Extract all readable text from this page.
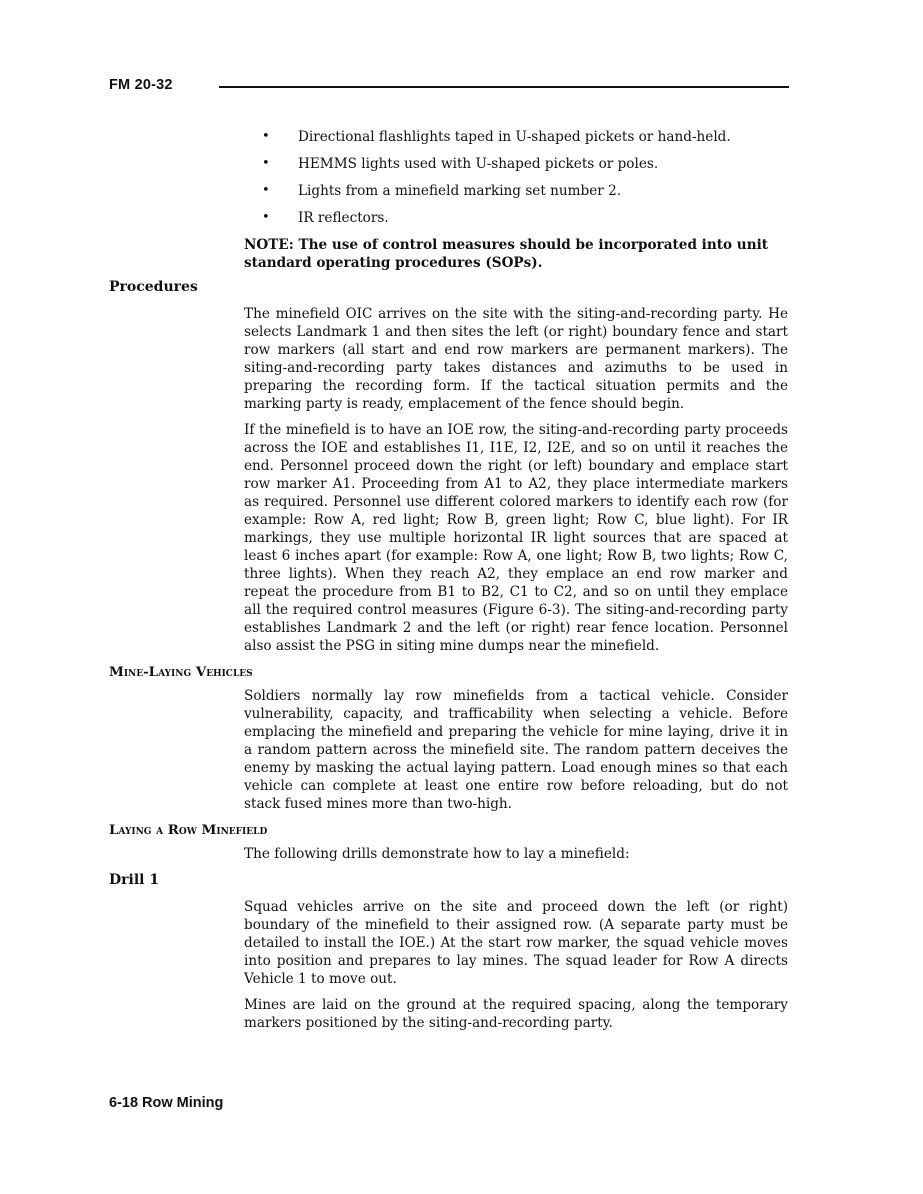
FM 20-32
• Directional flashlights taped in U-shaped pickets or hand-held.
• HEMMS lights used with U-shaped pickets or poles.
• Lights from a minefield marking set number 2.
• IR reflectors.
NOTE: The use of control measures should be incorporated into unit standard operating procedures (SOPs).
Procedures

The minefield OIC arrives on the site with the siting-and-recording party. He selects Landmark 1 and then sites the left (or right) boundary fence and start row markers (all start and end row markers are permanent markers). The siting-and-recording party takes distances and azimuths to be used in preparing the recording form. If the tactical situation permits and the marking party is ready, emplacement of the fence should begin.

If the minefield is to have an IOE row, the siting-and-recording party proceeds across the IOE and establishes I1, I1E, I2, I2E, and so on until it reaches the end. Personnel proceed down the right (or left) boundary and emplace start row marker A1. Proceeding from A1 to A2, they place intermediate markers as required. Personnel use different colored markers to identify each row (for example: Row A, red light; Row B, green light; Row C, blue light). For IR markings, they use multiple horizontal IR light sources that are spaced at least 6 inches apart (for example: Row A, one light; Row B, two lights; Row C, three lights). When they reach A2, they emplace an end row marker and repeat the procedure from B1 to B2, C1 to C2, and so on until they emplace all the required control measures (Figure 6-3). The siting-and-recording party establishes Landmark 2 and the left (or right) rear fence location. Personnel also assist the PSG in siting mine dumps near the minefield.

Mine-Laying Vehicles

Soldiers normally lay row minefields from a tactical vehicle. Consider vulnerability, capacity, and trafficability when selecting a vehicle. Before emplacing the minefield and preparing the vehicle for mine laying, drive it in a random pattern across the minefield site. The random pattern deceives the enemy by masking the actual laying pattern. Load enough mines so that each vehicle can complete at least one entire row before reloading, but do not stack fused mines more than two-high.

Laying a Row Minefield

The following drills demonstrate how to lay a minefield:

Drill 1

Squad vehicles arrive on the site and proceed down the left (or right) boundary of the minefield to their assigned row. (A separate party must be detailed to install the IOE.) At the start row marker, the squad vehicle moves into position and prepares to lay mines. The squad leader for Row A directs Vehicle 1 to move out.

Mines are laid on the ground at the required spacing, along the temporary markers positioned by the siting-and-recording party.

6-18 Row Mining
